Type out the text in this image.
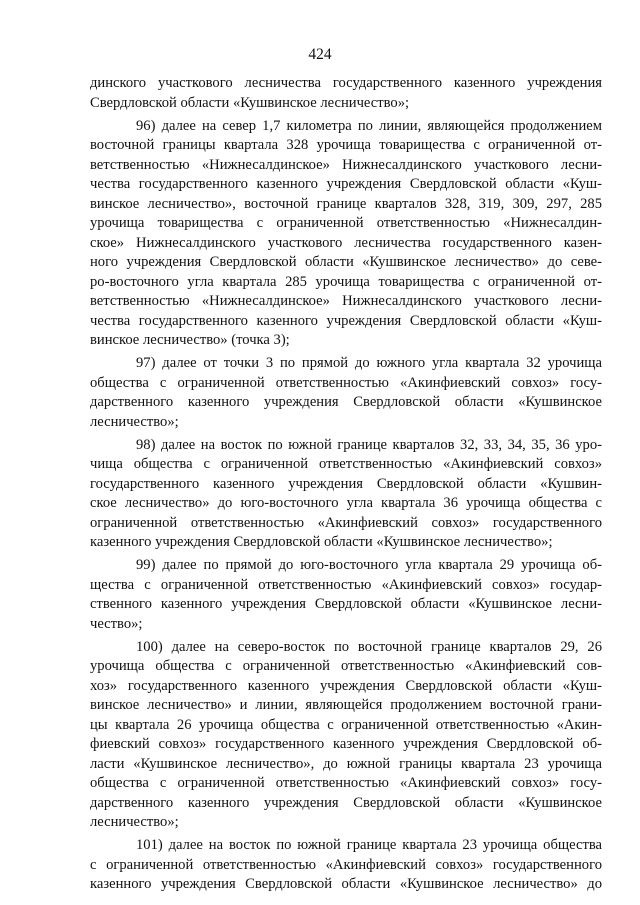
424

динского участкового лесничества государственного казенного учреждения
Свердловской области «Кушвинское лесничество»;

96) далее на север 1,7 километра по линии, являющейся продолжением
восточной границы квартала 328 урочища товарищества с ограниченной от-
ветственностью «Нижнесалдинское» Нижнесалдинского участкового лесни-
чества государственного казенного учреждения Свердловской области «Куш-
винское лесничество», восточной границе кварталов 328, 319, 309, 297, 285
урочища товарищества с ограниченной ответственностью «Нижнесалдин-
ское» Нижнесалдинского участкового лесничества государственного казен-
ного учреждения Свердловской области «Кушвинское лесничество» до севе-
ро-восточного угла квартала 285 урочища товарищества с ограниченной от-
ветственностью «Нижнесалдинское» Нижнесалдинского участкового лесни-
чества государственного казенного учреждения Свердловской области «Куш-
винское лесничество» (точка 3);

97) далее от точки 3 по прямой до южного угла квартала 32 урочища
общества с ограниченной ответственностью «Акинфиевский совхоз» госу-
дарственного казенного учреждения Свердловской области «Кушвинское
лесничество»;

98) далее на восток по южной границе кварталов 32, 33, 34, 35, 36 уро-
чища общества с ограниченной ответственностью «Акинфиевский совхоз»
государственного казенного учреждения Свердловской области «Кушвин-
ское лесничество» до юго-восточного угла квартала 36 урочища общества с
ограниченной ответственностью «Акинфиевский совхоз» государственного
казенного учреждения Свердловской области «Кушвинское лесничество»;

99) далее по прямой до юго-восточного угла квартала 29 урочища об-
щества с ограниченной ответственностью «Акинфиевский совхоз» государ-
ственного казенного учреждения Свердловской области «Кушвинское лесни-
чество»;

100) далее на северо-восток по восточной границе кварталов 29, 26
урочища общества с ограниченной ответственностью «Акинфиевский сов-
хоз» государственного казенного учреждения Свердловской области «Куш-
винское лесничество» и линии, являющейся продолжением восточной грани-
цы квартала 26 урочища общества с ограниченной ответственностью «Акин-
фиевский совхоз» государственного казенного учреждения Свердловской об-
ласти «Кушвинское лесничество», до южной границы квартала 23 урочища
общества с ограниченной ответственностью «Акинфиевский совхоз» госу-
дарственного казенного учреждения Свердловской области «Кушвинское
лесничество»;

101) далее на восток по южной границе квартала 23 урочища общества
с ограниченной ответственностью «Акинфиевский совхоз» государственного
казенного учреждения Свердловской области «Кушвинское лесничество» до
